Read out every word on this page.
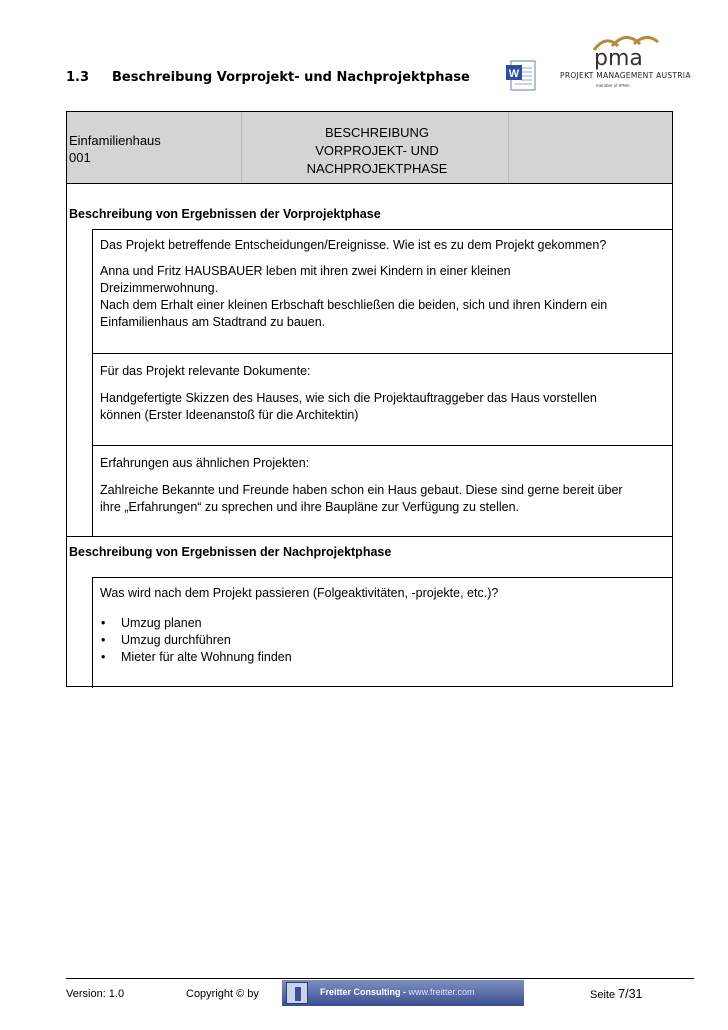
1.3 Beschreibung Vorprojekt- und Nachprojektphase	W
pma
PROJEKT MANAGEMENT AUSTRIA
member of IPMA
Einfamilienhaus
001
BESCHREIBUNG
VORPROJEKT- UND
NACHPROJEKTPHASE
Beschreibung von Ergebnissen der Vorprojektphase

Das Projekt betreffende Entscheidungen/Ereignisse. Wie ist es zu dem Projekt gekommen?

Anna und Fritz HAUSBAUER leben mit ihren zwei Kindern in einer kleinen

Dreizimmerwohnung.

Nach dem Erhalt einer kleinen Erbschaft beschließen die beiden, sich und ihren Kindern ein

Einfamilienhaus am Stadtrand zu bauen.

Für das Projekt relevante Dokumente:

Handgefertigte Skizzen des Hauses, wie sich die Projektauftraggeber das Haus vorstellen

können (Erster Ideenanstoß für die Architektin)

Erfahrungen aus ähnlichen Projekten:

Zahlreiche Bekannte und Freunde haben schon ein Haus gebaut. Diese sind gerne bereit über

ihre „Erfahrungen“ zu sprechen und ihre Baupläne zur Verfügung zu stellen.

Beschreibung von Ergebnissen der Nachprojektphase

Was wird nach dem Projekt passieren (Folgeaktivitäten, -projekte, etc.)?

• Umzug planen
• Umzug durchführen
• Mieter für alte Wohnung finden
Version: 1.0	Copyright © by	Freitter Consulting - www.freitter.com	Seite 7/31
